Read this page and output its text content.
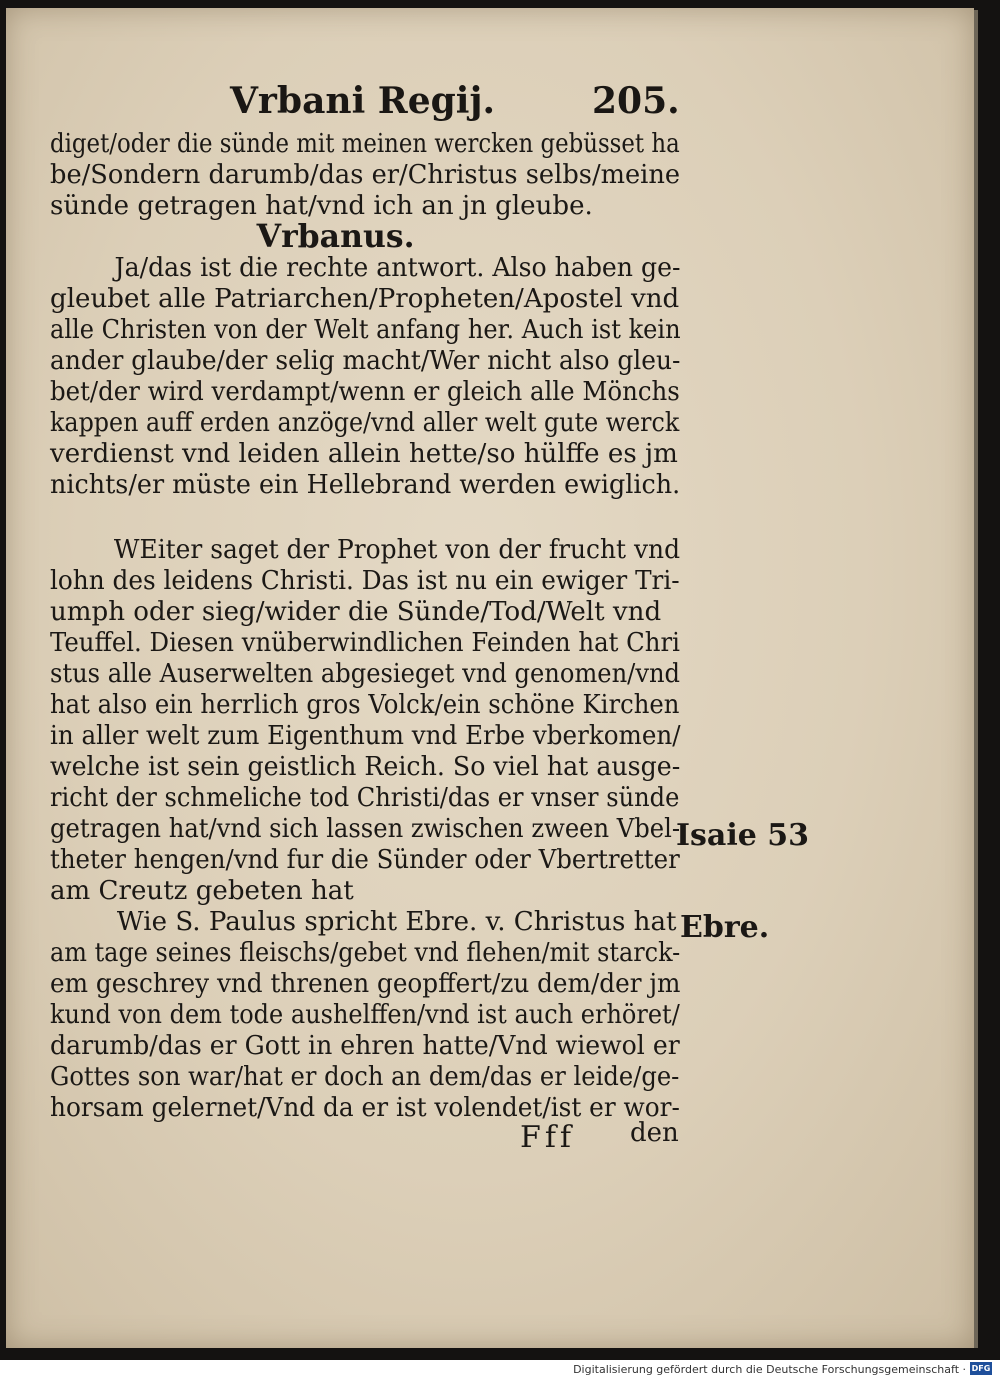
Vrbani Regij.	205.
diget/oder die sünde mit meinen wercken gebüsset ha
be/Sondern darumb/das er/Christus selbs/meine
sünde getragen hat/vnd ich an jn gleube.
Vrbanus.
Ja/das ist die rechte antwort. Also haben ge-
gleubet alle Patriarchen/Propheten/Apostel vnd
alle Christen von der Welt anfang her. Auch ist kein
ander glaube/der selig macht/Wer nicht also gleu-
bet/der wird verdampt/wenn er gleich alle Mönchs
kappen auff erden anzöge/vnd aller welt gute werck
verdienst vnd leiden allein hette/so hülffe es jm
nichts/er müste ein Hellebrand werden ewiglich.
WEiter saget der Prophet von der frucht vnd
lohn des leidens Christi. Das ist nu ein ewiger Tri-
umph oder sieg/wider die Sünde/Tod/Welt vnd
Teuffel. Diesen vnüberwindlichen Feinden hat Chri
stus alle Auserwelten abgesieget vnd genomen/vnd
hat also ein herrlich gros Volck/ein schöne Kirchen
in aller welt zum Eigenthum vnd Erbe vberkomen/
welche ist sein geistlich Reich. So viel hat ausge-
richt der schmeliche tod Christi/das er vnser sünde
getragen hat/vnd sich lassen zwischen zween Vbel-
theter hengen/vnd fur die Sünder oder Vbertretter
am Creutz gebeten hat
Wie S. Paulus spricht Ebre. v. Christus hat
am tage seines fleischs/gebet vnd flehen/mit starck-
em geschrey vnd threnen geopffert/zu dem/der jm
kund von dem tode aushelffen/vnd ist auch erhöret/
darumb/das er Gott in ehren hatte/Vnd wiewol er
Gottes son war/hat er doch an dem/das er leide/ge-
horsam gelernet/Vnd da er ist volendet/ist er wor-
Isaie 53
Ebre.
Fff den
Digitalisierung gefördert durch die Deutsche Forschungsgemeinschaft · DFG
